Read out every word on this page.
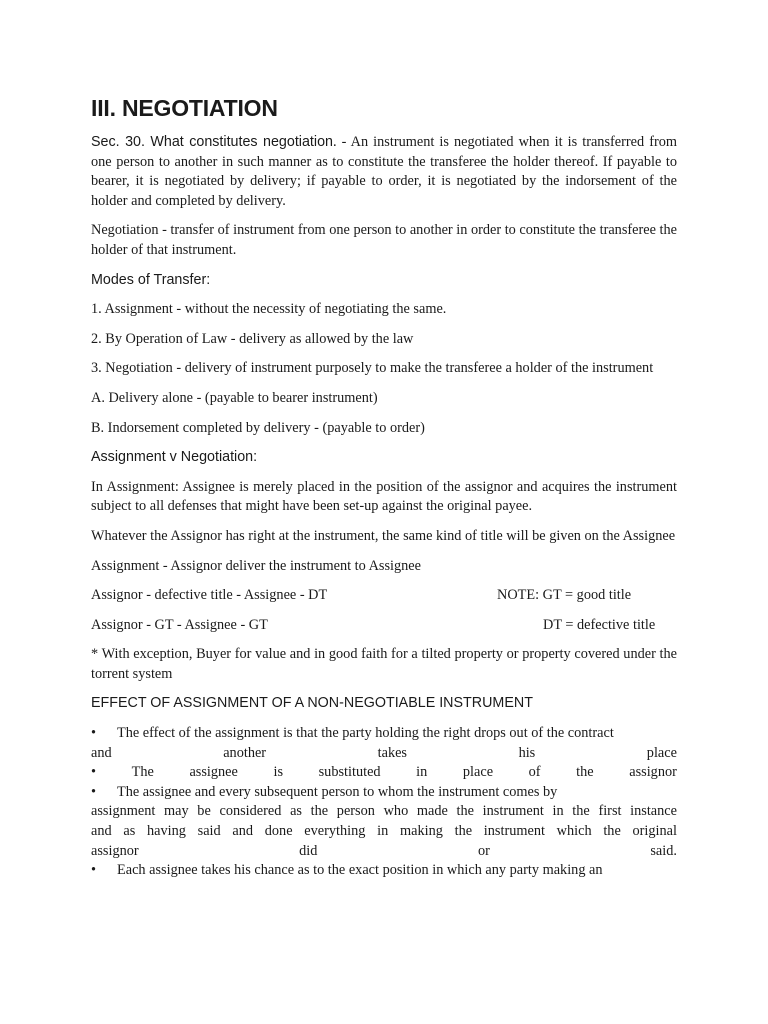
III. NEGOTIATION

Sec. 30. What constitutes negotiation. - An instrument is negotiated when it is transferred from one person to another in such manner as to constitute the transferee the holder thereof. If payable to bearer, it is negotiated by delivery; if payable to order, it is negotiated by the indorsement of the holder and completed by delivery.

Negotiation - transfer of instrument from one person to another in order to constitute the transferee the holder of that instrument.

Modes of Transfer:

1. Assignment - without the necessity of negotiating the same.

2. By Operation of Law - delivery as allowed by the law

3. Negotiation - delivery of instrument purposely to make the transferee a holder of the instrument

A. Delivery alone - (payable to bearer instrument)

B. Indorsement completed by delivery - (payable to order)

Assignment v Negotiation:

In Assignment: Assignee is merely placed in the position of the assignor and acquires the instrument subject to all defenses that might have been set-up against the original payee.

Whatever the Assignor has right at the instrument, the same kind of title will be given on the Assignee

Assignment - Assignor deliver the instrument to Assignee

Assignor - defective title - Assignee - DT	NOTE: GT = good title
Assignor - GT - Assignee - GT	DT = defective title

* With exception, Buyer for value and in good faith for a tilted property or property covered under the torrent system

EFFECT OF ASSIGNMENT OF A NON-NEGOTIABLE INSTRUMENT
• The effect of the assignment is that the party holding the right drops out of the contract
and	another	takes	his	place
• The assignee is substituted in place of the assignor
• The assignee and every subsequent person to whom the instrument comes by
assignment may be considered as the person who made the instrument in the first instance
and as having said and done everything in making the instrument which the original
assignor	did	or	said.
• Each assignee takes his chance as to the exact position in which any party making an
